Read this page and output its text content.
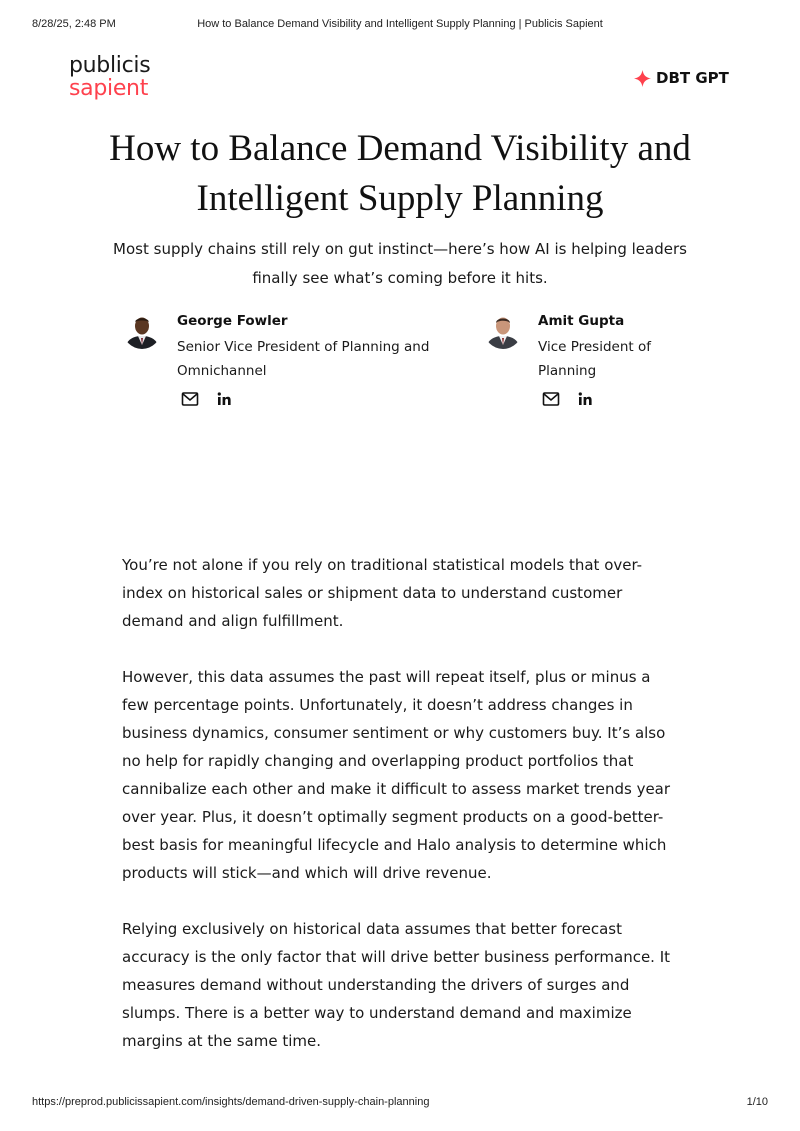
8/28/25, 2:48 PM	How to Balance Demand Visibility and Intelligent Supply Planning | Publicis Sapient
publicis
sapient	DBT GPT
How to Balance Demand Visibility and Intelligent Supply Planning

Most supply chains still rely on gut instinct—here’s how AI is helping leaders finally see what’s coming before it hits.

George Fowler
Senior Vice President of Planning and Omnichannel
Amit Gupta
Vice President of Planning

You’re not alone if you rely on traditional statistical models that over-index on historical sales or shipment data to understand customer demand and align fulfillment.

However, this data assumes the past will repeat itself, plus or minus a few percentage points. Unfortunately, it doesn’t address changes in business dynamics, consumer sentiment or why customers buy. It’s also no help for rapidly changing and overlapping product portfolios that cannibalize each other and make it difficult to assess market trends year over year. Plus, it doesn’t optimally segment products on a good-better-best basis for meaningful lifecycle and Halo analysis to determine which products will stick—and which will drive revenue.

Relying exclusively on historical data assumes that better forecast accuracy is the only factor that will drive better business performance. It measures demand without understanding the drivers of surges and slumps. There is a better way to understand demand and maximize margins at the same time.

https://preprod.publicissapient.com/insights/demand-driven-supply-chain-planning	1/10
